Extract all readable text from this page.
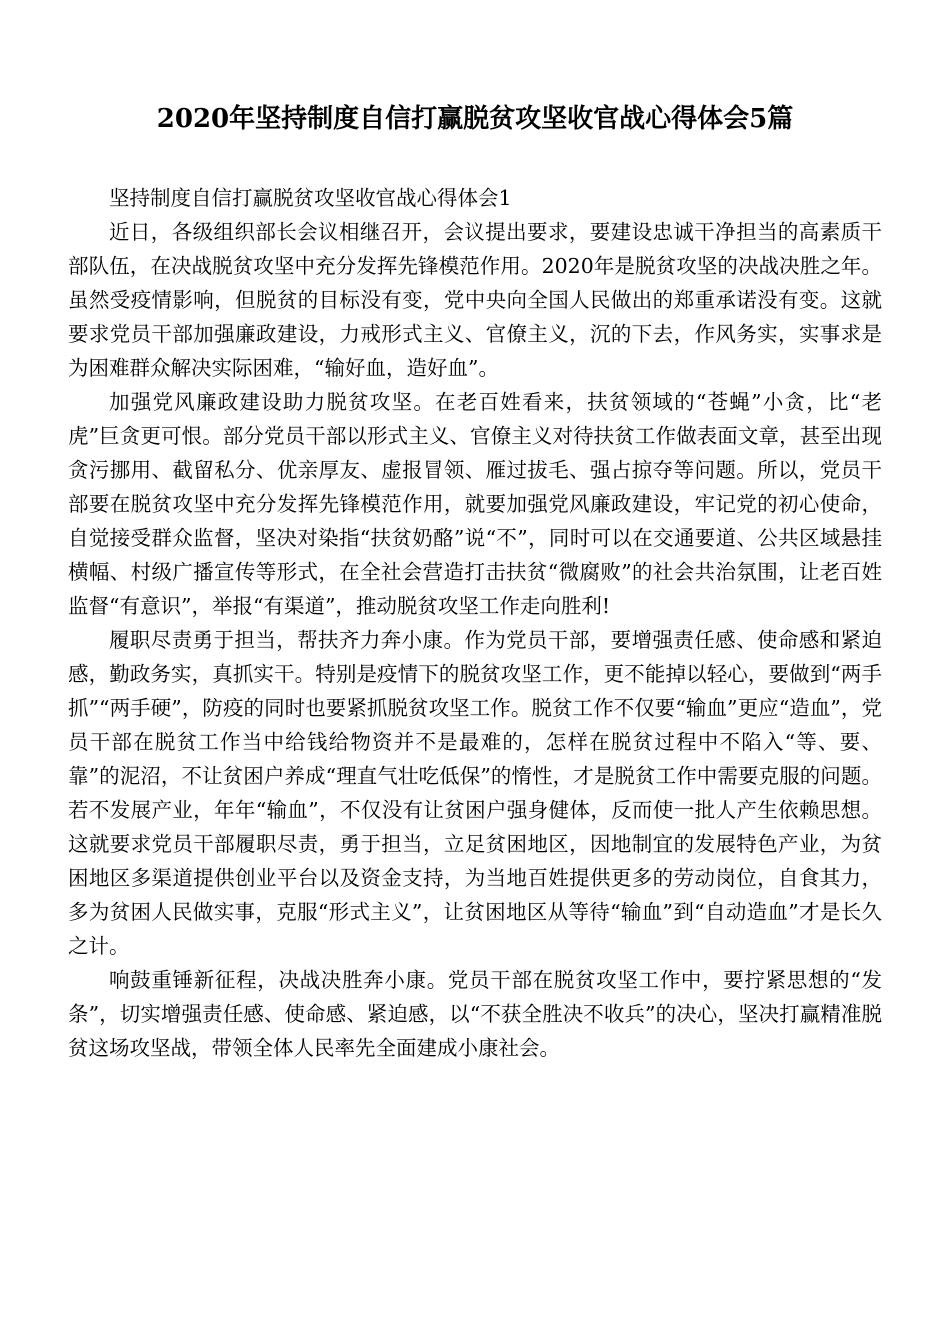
2020年坚持制度自信打赢脱贫攻坚收官战心得体会5篇

坚持制度自信打赢脱贫攻坚收官战心得体会1

近日，各级组织部长会议相继召开，会议提出要求，要建设忠诚干净担当的高素质干部队伍，在决战脱贫攻坚中充分发挥先锋模范作用。2020年是脱贫攻坚的决战决胜之年。虽然受疫情影响，但脱贫的目标没有变，党中央向全国人民做出的郑重承诺没有变。这就要求党员干部加强廉政建设，力戒形式主义、官僚主义，沉的下去，作风务实，实事求是为困难群众解决实际困难，“输好血，造好血”。

加强党风廉政建设助力脱贫攻坚。在老百姓看来，扶贫领域的“苍蝇”小贪，比“老虎”巨贪更可恨。部分党员干部以形式主义、官僚主义对待扶贫工作做表面文章，甚至出现贪污挪用、截留私分、优亲厚友、虚报冒领、雁过拔毛、强占掠夺等问题。所以，党员干部要在脱贫攻坚中充分发挥先锋模范作用，就要加强党风廉政建设，牢记党的初心使命，自觉接受群众监督，坚决对染指“扶贫奶酪”说“不”，同时可以在交通要道、公共区域悬挂横幅、村级广播宣传等形式，在全社会营造打击扶贫“微腐败”的社会共治氛围，让老百姓监督“有意识”，举报“有渠道”，推动脱贫攻坚工作走向胜利!

履职尽责勇于担当，帮扶齐力奔小康。作为党员干部，要增强责任感、使命感和紧迫感，勤政务实，真抓实干。特别是疫情下的脱贫攻坚工作，更不能掉以轻心，要做到“两手抓”“两手硬”，防疫的同时也要紧抓脱贫攻坚工作。脱贫工作不仅要“输血”更应“造血”，党员干部在脱贫工作当中给钱给物资并不是最难的，怎样在脱贫过程中不陷入“等、要、靠”的泥沼，不让贫困户养成“理直气壮吃低保”的惰性，才是脱贫工作中需要克服的问题。若不发展产业，年年“输血”，不仅没有让贫困户强身健体，反而使一批人产生依赖思想。这就要求党员干部履职尽责，勇于担当，立足贫困地区，因地制宜的发展特色产业，为贫困地区多渠道提供创业平台以及资金支持，为当地百姓提供更多的劳动岗位，自食其力，多为贫困人民做实事，克服“形式主义”，让贫困地区从等待“输血”到“自动造血”才是长久之计。

响鼓重锤新征程，决战决胜奔小康。党员干部在脱贫攻坚工作中，要拧紧思想的“发条”，切实增强责任感、使命感、紧迫感，以“不获全胜决不收兵”的决心，坚决打赢精准脱贫这场攻坚战，带领全体人民率先全面建成小康社会。
